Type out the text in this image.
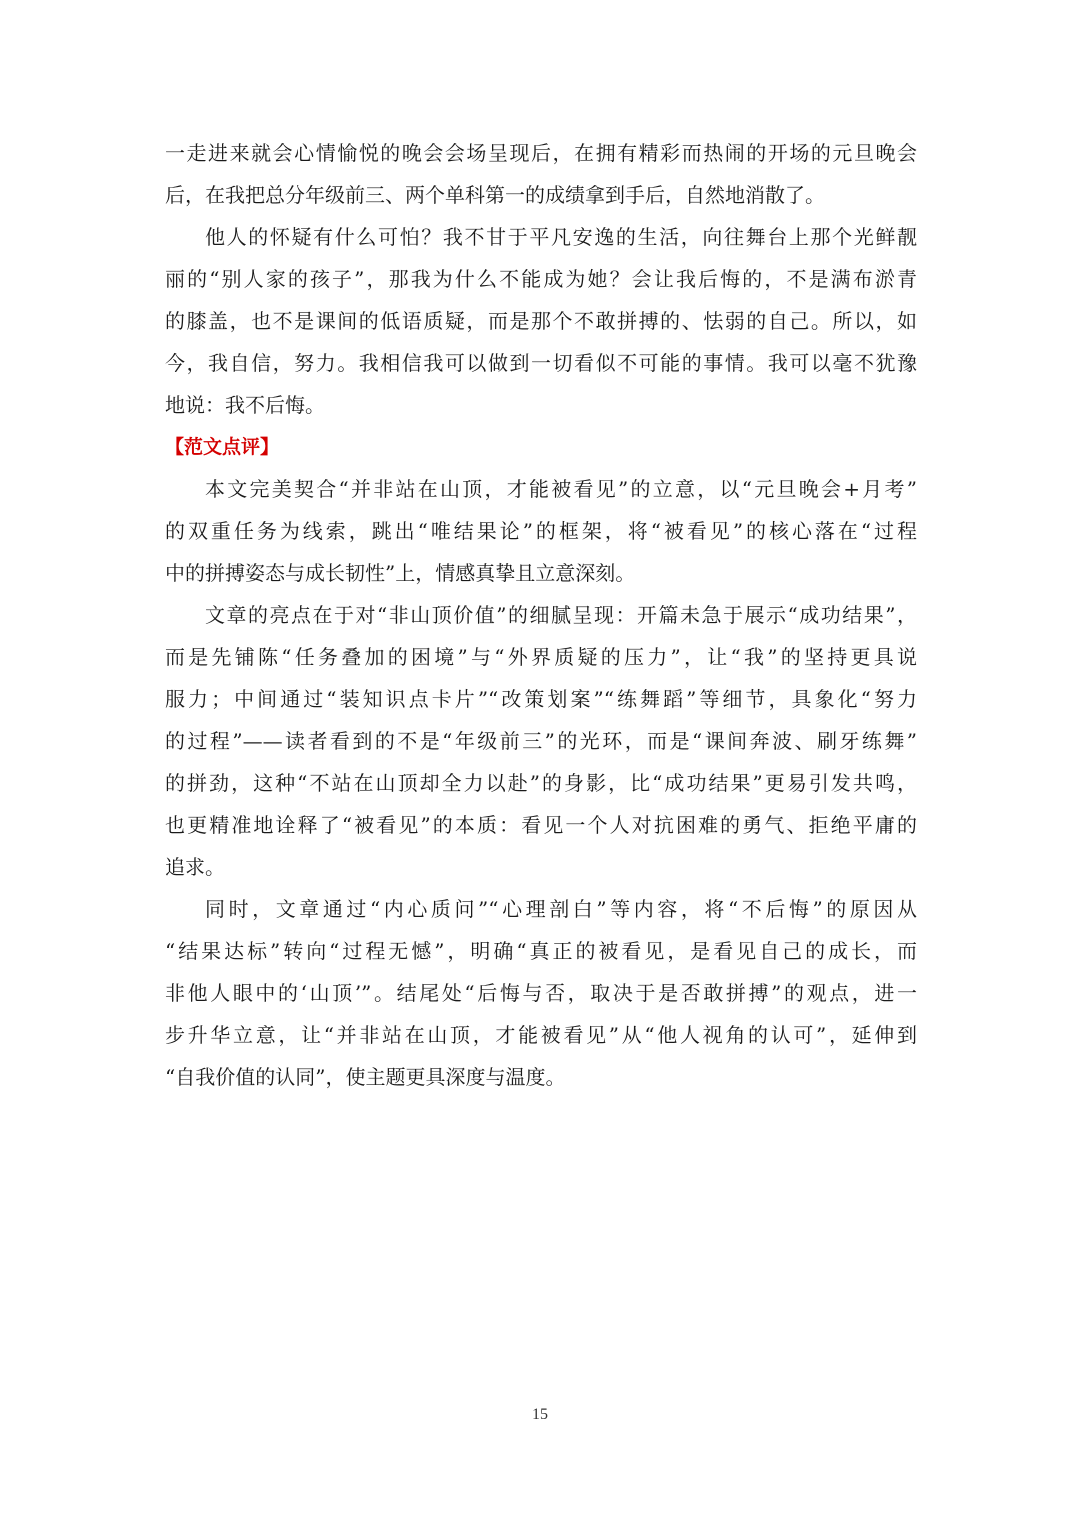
一走进来就会心情愉悦的晚会会场呈现后，在拥有精彩而热闹的开场的元旦晚会
后，在我把总分年级前三、两个单科第一的成绩拿到手后，自然地消散了。
他人的怀疑有什么可怕？我不甘于平凡安逸的生活，向往舞台上那个光鲜靓
丽的“别人家的孩子”，那我为什么不能成为她？会让我后悔的，不是满布淤青
的膝盖，也不是课间的低语质疑，而是那个不敢拼搏的、怯弱的自己。所以，如
今，我自信，努力。我相信我可以做到一切看似不可能的事情。我可以毫不犹豫
地说：我不后悔。
【范文点评】
本文完美契合“并非站在山顶，才能被看见”的立意，以“元旦晚会+月考”
的双重任务为线索，跳出“唯结果论”的框架，将“被看见”的核心落在“过程
中的拼搏姿态与成长韧性”上，情感真挚且立意深刻。
文章的亮点在于对“非山顶价值”的细腻呈现：开篇未急于展示“成功结果”，
而是先铺陈“任务叠加的困境”与“外界质疑的压力”，让“我”的坚持更具说
服力；中间通过“装知识点卡片”“改策划案”“练舞蹈”等细节，具象化“努力
的过程”——读者看到的不是“年级前三”的光环，而是“课间奔波、刷牙练舞”
的拼劲，这种“不站在山顶却全力以赴”的身影，比“成功结果”更易引发共鸣，
也更精准地诠释了“被看见”的本质：看见一个人对抗困难的勇气、拒绝平庸的
追求。
同时，文章通过“内心质问”“心理剖白”等内容，将“不后悔”的原因从
“结果达标”转向“过程无憾”，明确“真正的被看见，是看见自己的成长，而
非他人眼中的‘山顶’”。结尾处“后悔与否，取决于是否敢拼搏”的观点，进一
步升华立意，让“并非站在山顶，才能被看见”从“他人视角的认可”，延伸到
“自我价值的认同”，使主题更具深度与温度。
15
